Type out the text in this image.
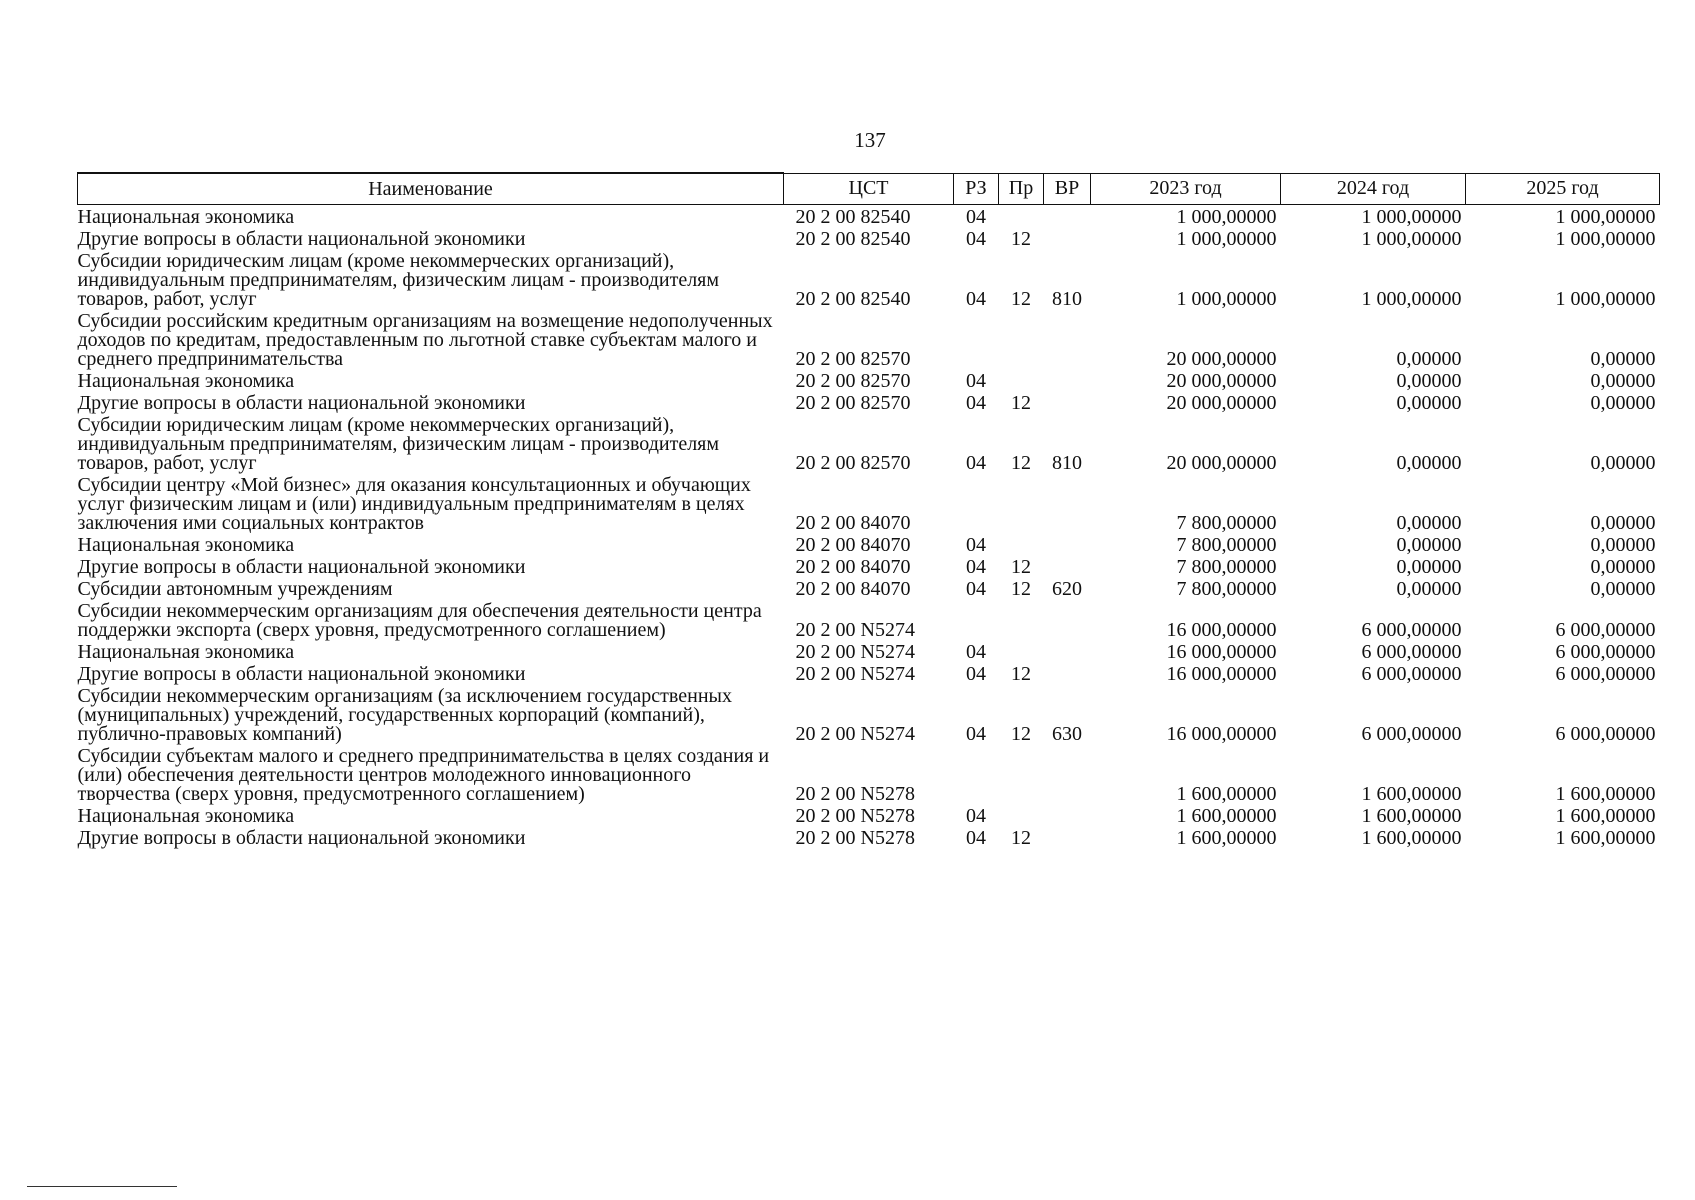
137
Наименование	ЦСТ	РЗ	Пр	ВР	2023 год	2024 год	2025 год
Национальная экономика	20 2 00 82540	04			1 000,00000	1 000,00000	1 000,00000
Другие вопросы в области национальной экономики	20 2 00 82540	04	12		1 000,00000	1 000,00000	1 000,00000
Субсидии юридическим лицам (кроме некоммерческих организаций), индивидуальным предпринимателям, физическим лицам - производителям товаров, работ, услуг	20 2 00 82540	04	12	810	1 000,00000	1 000,00000	1 000,00000
Субсидии российским кредитным организациям на возмещение недополученных доходов по кредитам, предоставленным по льготной ставке субъектам малого и среднего предпринимательства	20 2 00 82570				20 000,00000	0,00000	0,00000
Национальная экономика	20 2 00 82570	04			20 000,00000	0,00000	0,00000
Другие вопросы в области национальной экономики	20 2 00 82570	04	12		20 000,00000	0,00000	0,00000
Субсидии юридическим лицам (кроме некоммерческих организаций), индивидуальным предпринимателям, физическим лицам - производителям товаров, работ, услуг	20 2 00 82570	04	12	810	20 000,00000	0,00000	0,00000
Субсидии центру «Мой бизнес» для оказания консультационных и обучающих услуг физическим лицам и (или) индивидуальным предпринимателям в целях заключения ими социальных контрактов	20 2 00 84070				7 800,00000	0,00000	0,00000
Национальная экономика	20 2 00 84070	04			7 800,00000	0,00000	0,00000
Другие вопросы в области национальной экономики	20 2 00 84070	04	12		7 800,00000	0,00000	0,00000
Субсидии автономным учреждениям	20 2 00 84070	04	12	620	7 800,00000	0,00000	0,00000
Субсидии некоммерческим организациям для обеспечения деятельности центра поддержки экспорта (сверх уровня, предусмотренного соглашением)	20 2 00 N5274				16 000,00000	6 000,00000	6 000,00000
Национальная экономика	20 2 00 N5274	04			16 000,00000	6 000,00000	6 000,00000
Другие вопросы в области национальной экономики	20 2 00 N5274	04	12		16 000,00000	6 000,00000	6 000,00000
Субсидии некоммерческим организациям (за исключением государственных (муниципальных) учреждений, государственных корпораций (компаний), публично-правовых компаний)	20 2 00 N5274	04	12	630	16 000,00000	6 000,00000	6 000,00000
Субсидии субъектам малого и среднего предпринимательства в целях создания и (или) обеспечения деятельности центров молодежного инновационного творчества (сверх уровня, предусмотренного соглашением)	20 2 00 N5278				1 600,00000	1 600,00000	1 600,00000
Национальная экономика	20 2 00 N5278	04			1 600,00000	1 600,00000	1 600,00000
Другие вопросы в области национальной экономики	20 2 00 N5278	04	12		1 600,00000	1 600,00000	1 600,00000
